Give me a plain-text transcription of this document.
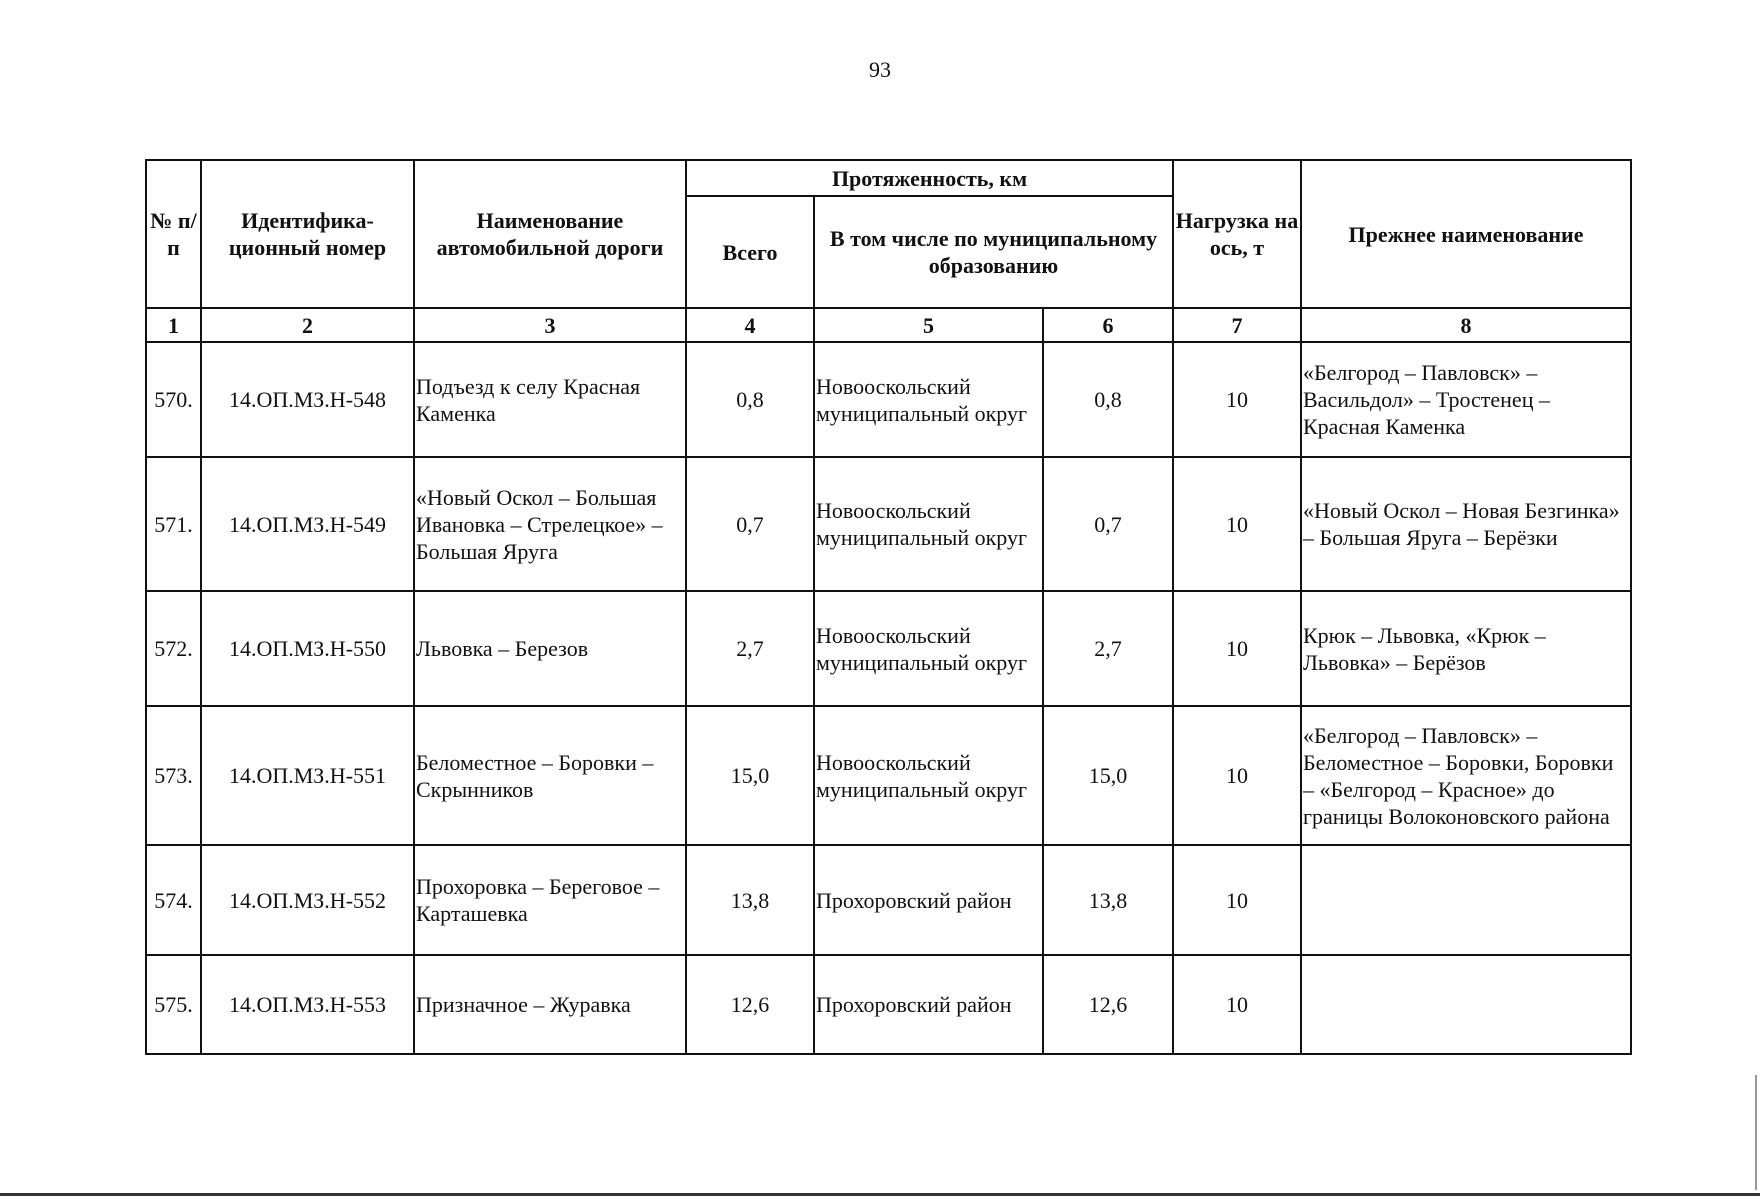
93
№ п/п	Идентифика-ционный номер	Наименование автомобильной дороги	Протяженность, км			Нагрузка на ось, т	Прежнее наименование
			Всего	В том числе по муниципальному образованию			
1	2	3	4	5	6	7	8
570.	14.ОП.МЗ.Н-548	Подъезд к селу Красная Каменка	0,8	Новооскольский муниципальный округ	0,8	10	«Белгород – Павловск» – Васильдол» – Тростенец – Красная Каменка
571.	14.ОП.МЗ.Н-549	«Новый Оскол – Большая Ивановка – Стрелецкое» – Большая Яруга	0,7	Новооскольский муниципальный округ	0,7	10	«Новый Оскол – Новая Безгинка» – Большая Яруга – Берёзки
572.	14.ОП.МЗ.Н-550	Львовка – Березов	2,7	Новооскольский муниципальный округ	2,7	10	Крюк – Львовка, «Крюк – Львовка» – Берёзов
573.	14.ОП.МЗ.Н-551	Беломестное – Боровки – Скрынников	15,0	Новооскольский муниципальный округ	15,0	10	«Белгород – Павловск» – Беломестное – Боровки, Боровки – «Белгород – Красное» до границы Волоконовского района
574.	14.ОП.МЗ.Н-552	Прохоровка – Береговое – Карташевка	13,8	Прохоровский район	13,8	10	
575.	14.ОП.МЗ.Н-553	Призначное – Журавка	12,6	Прохоровский район	12,6	10	
